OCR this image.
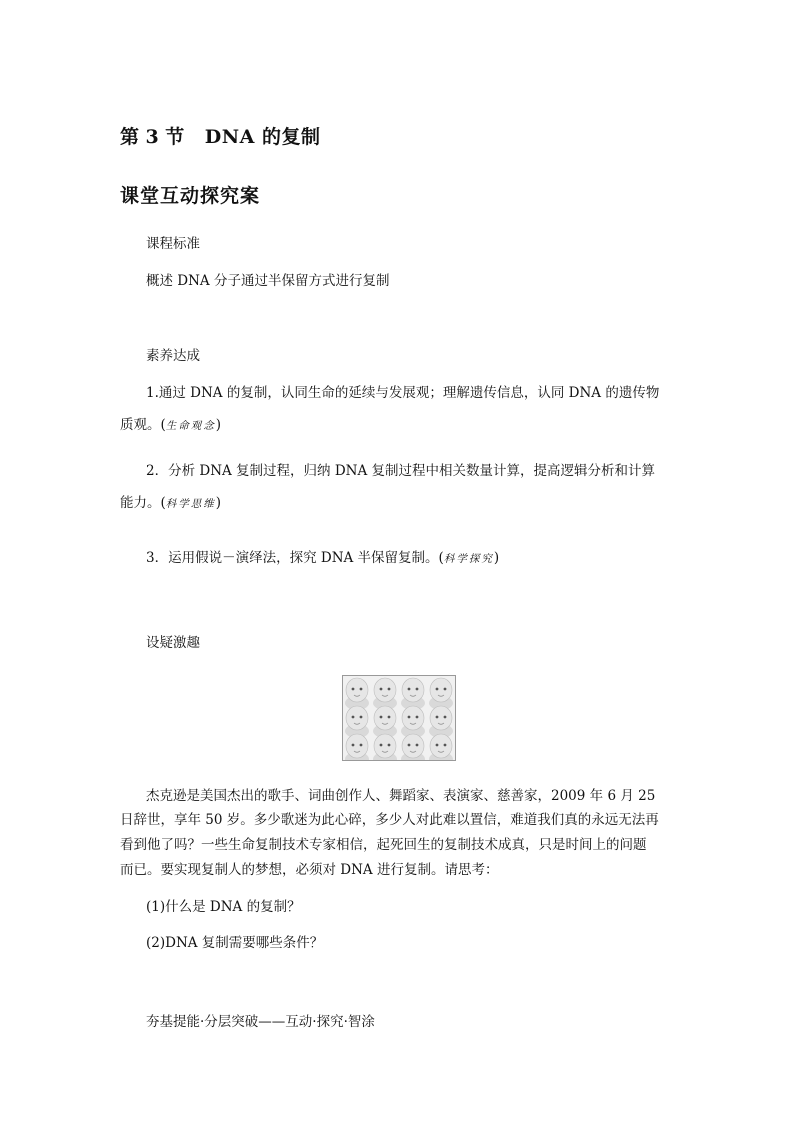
第 3 节 DNA 的复制
课堂互动探究案
课程标准
概述 DNA 分子通过半保留方式进行复制
素养达成
1.通过 DNA 的复制，认同生命的延续与发展观；理解遗传信息，认同 DNA 的遗传物
质观。(生命观念)
2．分析 DNA 复制过程，归纳 DNA 复制过程中相关数量计算，提高逻辑分析和计算
能力。(科学思维)
3．运用假说－演绎法，探究 DNA 半保留复制。(科学探究)
设疑激趣
杰克逊是美国杰出的歌手、词曲创作人、舞蹈家、表演家、慈善家，2009 年 6 月 25
日辞世，享年 50 岁。多少歌迷为此心碎，多少人对此难以置信，难道我们真的永远无法再
看到他了吗？一些生命复制技术专家相信，起死回生的复制技术成真，只是时间上的问题
而已。要实现复制人的梦想，必须对 DNA 进行复制。请思考：
(1)什么是 DNA 的复制？
(2)DNA 复制需要哪些条件？
夯基提能·分层突破——互动·探究·智涂
